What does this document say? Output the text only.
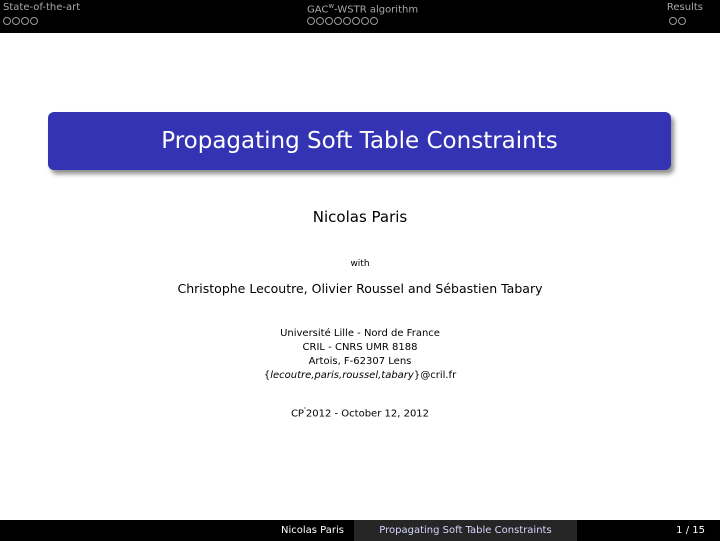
State-of-the-art	GAC$^w$-WSTR algorithm	Results
Propagating Soft Table Constraints
Nicolas Paris
with
Christophe Lecoutre, Olivier Roussel and Sébastien Tabary
Université Lille - Nord de France
CRIL - CNRS UMR 8188
Artois, F-62307 Lens
{lecoutre,paris,roussel,tabary}@cril.fr
CP'2012 - October 12, 2012
Nicolas Paris	Propagating Soft Table Constraints	1 / 15
